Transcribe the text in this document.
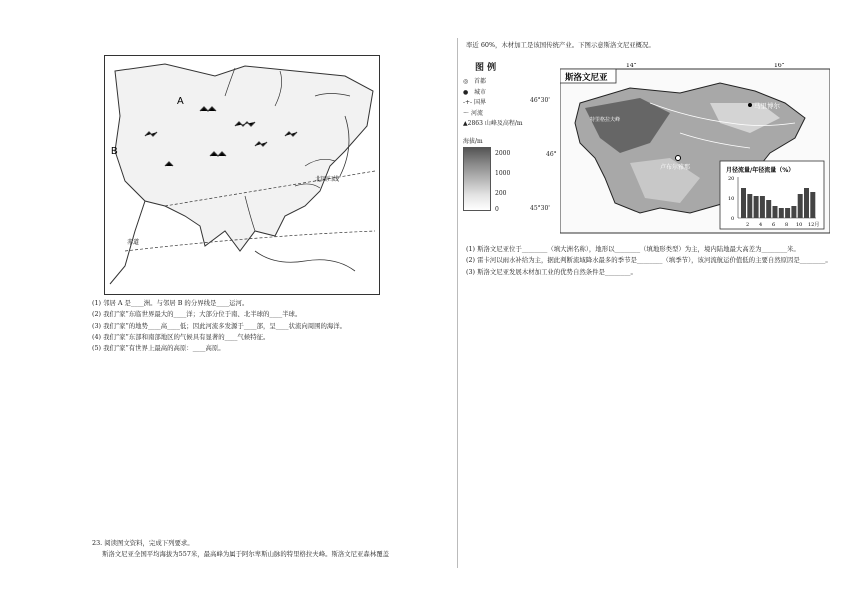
A
B
北回归线
赤道
(1) 邻居 A 是____洲。与邻居 B 的分界线是____运河。
(2) 我们“家”东临世界最大的____洋；大部分位于南、北半球的____半球。
(3) 我们“家”的地势____高____低；因此河流多发源于____部，呈____状流向周围的海洋。
(4) 我们“家”东部和南部地区的气候具有显著的____气候特征。
(5) 我们“家”有世界上最高的高原：____高原。
23. 阅读图文资料，完成下列要求。
斯洛文尼亚全国平均海拔为557米，最高峰为属于阿尔卑斯山脉的特里格拉夫峰。斯洛文尼亚森林覆盖
率近 60%，木材加工是该国传统产业。下图示意斯洛文尼亚概况。
图 例
◎ 首都
● 城市
-+- 国界
〜 河流
▲2863 山峰及高程/m
海拔/m
2000
1000
200
0
斯洛文尼亚
14°	16°
卢布尔雅那
马里博尔
特里格拉夫峰
月径流量/年径流量（%）
20
10
0
2 4 6 8 10 12月
46°30'
46°
45°30'
(1) 斯洛文尼亚位于________（填大洲名称），地形以________（填地形类型）为主，境内陆地最大高差为________米。
(2) 雷卡河以雨水补给为主，据此判断流域降水最多的季节是________（填季节），该河流航运价值低的主要自然原因是________。
(3) 斯洛文尼亚发展木材加工业的优势自然条件是________。
